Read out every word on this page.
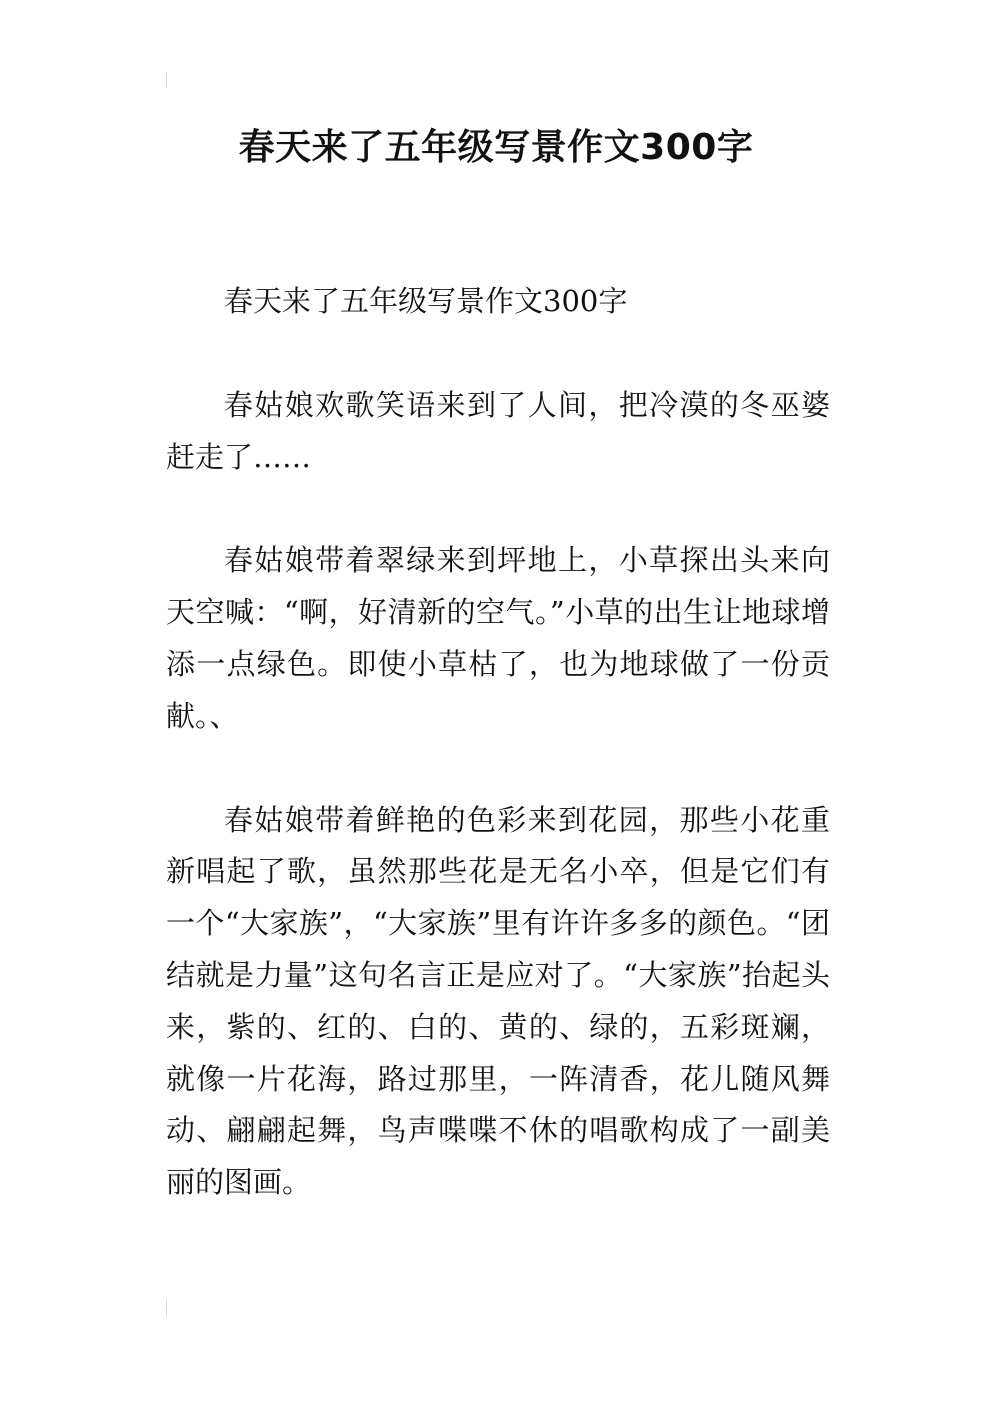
春天来了五年级写景作文300字

春天来了五年级写景作文300字

春姑娘欢歌笑语来到了人间，把冷漠的冬巫婆赶走了……

春姑娘带着翠绿来到坪地上，小草探出头来向天空喊：“啊，好清新的空气。”小草的出生让地球增添一点绿色。即使小草枯了，也为地球做了一份贡献。、

春姑娘带着鲜艳的色彩来到花园，那些小花重新唱起了歌，虽然那些花是无名小卒，但是它们有一个“大家族”，“大家族”里有许许多多的颜色。“团结就是力量”这句名言正是应对了。“大家族”抬起头来，紫的、红的、白的、黄的、绿的，五彩斑斓，就像一片花海，路过那里，一阵清香，花儿随风舞动、翩翩起舞，鸟声喋喋不休的唱歌构成了一副美丽的图画。
